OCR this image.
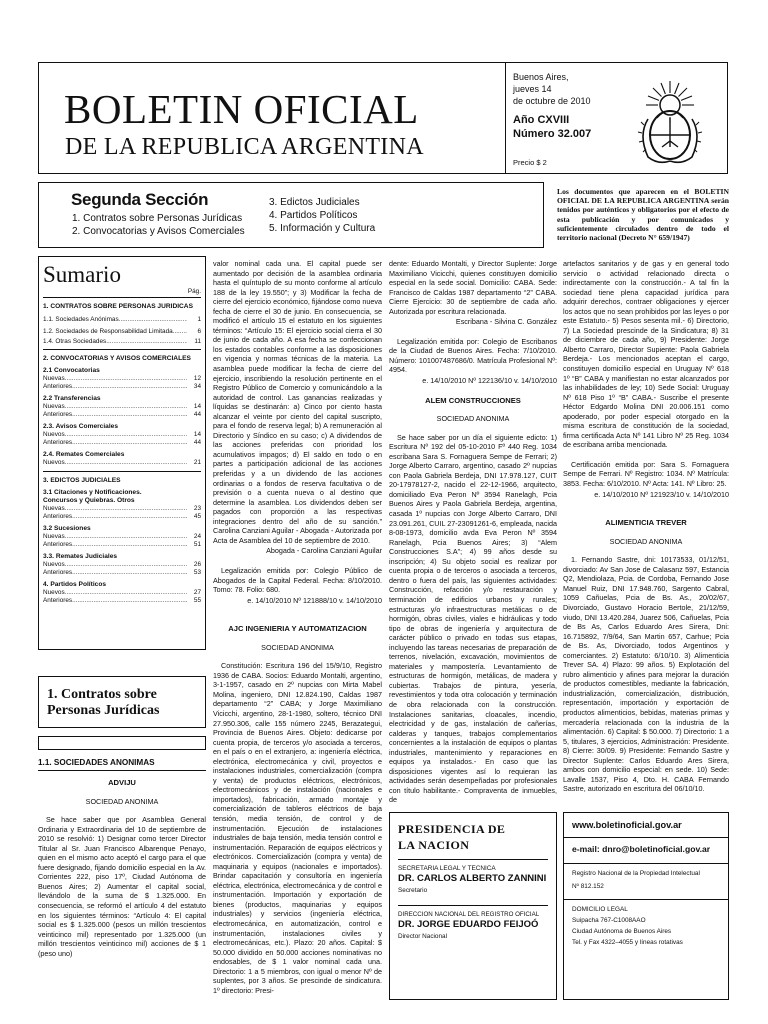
BOLETIN OFICIAL
DE LA REPUBLICA ARGENTINA
Buenos Aires,
jueves 14
de octubre de 2010
Año CXVIII
Número 32.007
Precio $ 2
Segunda Sección
1. Contratos sobre Personas Jurídicas
2. Convocatorias y Avisos Comerciales
3. Edictos Judiciales
4. Partidos Políticos
5. Información y Cultura
Los documentos que aparecen en el BOLETIN OFICIAL DE LA REPUBLICA ARGENTINA serán tenidos por auténticos y obligatorios por el efecto de esta publicación y por comunicados y suficientemente circulados dentro de todo el territorio nacional (Decreto N° 659/1947)
Sumario
Pág.
1. CONTRATOS SOBRE PERSONAS JURIDICAS
1.1. Sociedades Anónimas .....	1
1.2. Sociedades de Responsabilidad Limitada .....	6
1.4. Otras Sociedades .....	11
2. CONVOCATORIAS Y AVISOS COMERCIALES
2.1 Convocatorias
Nuevas .....	12
Anteriores .....	34
2.2 Transferencias
Nuevas .....	14
Anteriores .....	44
2.3. Avisos Comerciales
Nuevos .....	14
Anteriores .....	44
2.4. Remates Comerciales
Nuevos .....	21
3. EDICTOS JUDICIALES
3.1 Citaciones y Notificaciones. Concursos y Quiebras. Otros
Nuevas .....	23
Anteriores .....	45
3.2 Sucesiones
Nuevas .....	24
Anteriores .....	51
3.3. Remates Judiciales
Nuevos .....	26
Anteriores .....	53
4. Partidos Políticos
Nuevos .....	27
Anteriores .....	55
1. Contratos sobre Personas Jurídicas
1.1. SOCIEDADES ANONIMAS
ADVIJU
SOCIEDAD ANONIMA

Se hace saber que por Asamblea General Ordinaria y Extraordinaria del 10 de septiembre de 2010 se resolvió: 1) Designar como tercer Director Titular al Sr. Juan Francisco Albarenque Penayo, quien en el mismo acto aceptó el cargo para el que fuere designado, fijando domicilio especial en la Av. Corrientes 222, piso 17º, Ciudad Autónoma de Buenos Aires; 2) Aumentar el capital social, llevándolo de la suma de $ 1.325.000. En consecuencia, se reformó el artículo 4 del estatuto en los siguientes términos: “Artículo 4: El capital social es $ 1.325.000 (pesos un millón trescientos veinticinco mil) representado por 1.325.000 (un millón trescientos veinticinco mil) acciones de $ 1 (peso uno)

valor nominal cada una. El capital puede ser aumentado por decisión de la asamblea ordinaria hasta el quíntuplo de su monto conforme al artículo 188 de la ley 19.550”; y 3) Modificar la fecha de cierre del ejercicio económico, fijándose como nueva fecha de cierre el 30 de junio. En consecuencia, se modificó el artículo 15 el estatuto en los siguientes términos: “Artículo 15: El ejercicio social cierra el 30 de junio de cada año. A esa fecha se confeccionan los estados contables conforme a las disposiciones en vigencia y normas técnicas de la materia. La asamblea puede modificar la fecha de cierre del ejercicio, inscribiendo la resolución pertinente en el Registro Público de Comercio y comunicándolo a la autoridad de control. Las ganancias realizadas y líquidas se destinarán: a) Cinco por ciento hasta alcanzar el veinte por ciento del capital suscripto, para el fondo de reserva legal; b) A remuneración al Directorio y Síndico en su caso; c) A dividendos de las acciones preferidas con prioridad los acumulativos impagos; d) El saldo en todo o en partes a participación adicional de las acciones preferidas y a un dividendo de las acciones ordinarias o a fondos de reserva facultativa o de previsión o a cuenta nueva o al destino que determine la asamblea. Los dividendos deben ser pagados con proporción a las respectivas integraciones dentro del año de su sanción.” Carolina Canziani Aguilar - Abogada - Autorizada por Acta de Asamblea del 10 de septiembre de 2010.

Abogada - Carolina Canziani Aguilar

Legalización emitida por: Colegio Público de Abogados de la Capital Federal. Fecha: 8/10/2010. Tomo: 78. Folio: 680.

e. 14/10/2010 Nº 121888/10 v. 14/10/2010

AJC INGENIERIA Y AUTOMATIZACION
SOCIEDAD ANONIMA

Constitución: Escritura 196 del 15/9/10, Registro 1936 de CABA. Socios: Eduardo Montalti, argentino, 3-1-1957, casado en 2º nupcias con Mirta Mabel Molina, ingeniero, DNI 12.824.190, Caldas 1987 departamento “2” CABA; y Jorge Maximiliano Vicicchi, argentino, 28-1-1980, soltero, técnico DNI 27.950.306, calle 155 número 2245, Berazategui, Provincia de Buenos Aires. Objeto: dedicarse por cuenta propia, de terceros y/o asociada a terceros, en el país o en el extranjero, a: ingeniería eléctrica, electrónica, electromecánica y civil, proyectos e instalaciones industriales, comercialización (compra y venta) de productos eléctricos, electrónicos, electromecánicos y de instalación (nacionales e importados), fabricación, armado montaje y comercialización de tableros eléctricos de baja tensión, media tensión, de control y de instrumentación. Ejecución de instalaciones industriales de baja tensión, media tensión control e instrumentación. Reparación de equipos eléctricos y electrónicos. Comercialización (compra y venta) de maquinaria y equipos (nacionales e importados). Brindar capacitación y consultoría en ingeniería eléctrica, electrónica, electromecánica y de control e instrumentación. Importación y exportación de bienes (productos, maquinarias y equipos industriales) y servicios (ingeniería eléctrica, electromecánica, en automatización, control e instrumentación, instalaciones civiles y electromecánicas, etc.). Plazo: 20 años. Capital: $ 50.000 dividido en 50.000 acciones nominativas no endosables, de $ 1 valor nominal cada una. Directorio: 1 a 5 miembros, con igual o menor Nº de suplentes, por 3 años. Se prescinde de sindicatura. 1º directorio: Presi-

dente: Eduardo Montalti, y Director Suplente: Jorge Maximiliano Vicicchi, quienes constituyen domicilio especial en la sede social. Domicilio: CABA. Sede: Francisco de Caldas 1987 departamento “2” CABA. Cierre Ejercicio: 30 de septiembre de cada año. Autorizada por escritura relacionada.

Escribana - Silvina C. González

Legalización emitida por: Colegio de Escribanos de la Ciudad de Buenos Aires. Fecha: 7/10/2010. Número: 101007487686/0. Matrícula Profesional Nº: 4954.

e. 14/10/2010 Nº 122136/10 v. 14/10/2010

ALEM CONSTRUCCIONES
SOCIEDAD ANONIMA

Se hace saber por un día el siguiente edicto: 1) Escritura Nº 192 del 05-10-2010 Fº 440 Reg. 1034 escribana Sara S. Fornaguera Sempe de Ferrari; 2) Jorge Alberto Carraro, argentino, casado 2º nupcias con Paola Gabriela Berdeja, DNI 17.978.127, CUIT 20-17978127-2, nacido el 22-12-1966, arquitecto, domiciliado Eva Peron Nº 3594 Ranelagh, Pcia Buenos Aires y Paola Gabriela Berdeja, argentina, casada 1º nupcias con Jorge Alberto Carraro, DNI 23.091.261, CUIL 27-23091261-6, empleada, nacida 8-08-1973, domicilio avda Eva Peron Nº 3594 Ranelagh, Pcia Buenos Aires; 3) “Alem Construcciones S.A”; 4) 99 años desde su inscripción; 4) Su objeto social es realizar por cuenta propia o de terceros o asociada a terceros, dentro o fuera del país, las siguientes actividades: Construcción, refacción y/o restauración y terminación de edificios urbanos y rurales; estructuras y/o infraestructuras metálicas o de hormigón, obras civiles, viales e hidráulicas y todo tipo de obras de ingeniería y arquitectura de carácter público o privado en todas sus etapas, incluyendo las tareas necesarias de preparación de terrenos, nivelación, excavación, movimientos de materiales y mampostería. Levantamiento de estructuras de hormigón, metálicas, de madera y cubiertas. Trabajos de pintura, yesería, revestimientos y toda otra colocación y terminación de obra relacionada con la construcción. Instalaciones sanitarias, cloacales, incendio, electricidad y de gas, instalación de cañerías, calderas y tanques, trabajos complementarios concernientes a la instalación de equipos o plantas industriales, mantenimiento y reparaciones en equipos ya instalados.- En caso que las disposiciones vigentes así lo requieran las actividades serán desempeñadas por profesionales con título habilitante.- Compraventa de inmuebles, de

artefactos sanitarios y de gas y en general todo servicio o actividad relacionado directa o indirectamente con la construcción.- A tal fin la sociedad tiene plena capacidad jurídica para adquirir derechos, contraer obligaciones y ejercer los actos que no sean prohibidos por las leyes o por este Estatuto.- 5) Pesos sesenta mil.- 6) Directorio, 7) La Sociedad prescinde de la Sindicatura; 8) 31 de diciembre de cada año, 9) Presidente: Jorge Alberto Carraro, Director Supiente: Paola Gabriela Berdeja.- Los mencionados aceptan el cargo, constituyen domicilio especial en Uruguay Nº 618 1º “B” CABA y manifiestan no estar alcanzados por las inhabilidades de ley; 10) Sede Social: Uruguay Nº 618 Piso 1º “B” CABA.- Suscribe el presente Héctor Edgardo Molina DNI 20.006.151 como apoderado, por poder especial otorgado en la misma escritura de constitución de la sociedad, firma certificada Acta Nº 141 Libro Nº 25 Reg. 1034 de escribana arriba mencionada.

Certificación emitida por: Sara S. Fornaguera Sempe de Ferrari. Nº Registro: 1034. Nº Matrícula: 3853. Fecha: 6/10/2010. Nº Acta: 141. Nº Libro: 25.

e. 14/10/2010 Nº 121923/10 v. 14/10/2010

ALIMENTICIA TREVER
SOCIEDAD ANONIMA

1. Fernando Sastre, dni: 10173533, 01/12/51, divorciado: Av San Jose de Calasanz 597, Estancia Q2, Mendiolaza, Pcia. de Cordoba, Fernando Jose Manuel Ruiz, DNI 17.948.760, Sargento Cabral, 1059 Cañuelas, Pcia de Bs. As., 20/02/67, Divorciado, Gustavo Horacio Bertole, 21/12/59, viudo, DNI 13.420.284, Juarez 506, Cañuelas, Pcia de Bs As, Carlos Eduardo Ares Sirera, Dni: 16.715892, 7/9/64, San Martin 657, Carhue; Pcia de Bs. As, Divorciado, todos Argentinos y comerciantes. 2) Estatuto: 6/10/10. 3) Alimenticia Trever SA. 4) Plazo: 99 años. 5) Explotación del rubro alimenticio y afines para mejorar la duración de productos comestibles, mediante la fabricación, industrialización, comercialización, distribución, representación, importación y exportación de productos alimenticios, bebidas, materias primas y mercadería relacionada con la industria de la alimentación. 6) Capital: $ 50.000. 7) Directorio: 1 a 5, titulares, 3 ejercicios, Administración: Presidente. 8) Cierre: 30/09. 9) Presidente: Fernando Sastre y Director Suplente: Carlos Eduardo Ares Sirera, ambos con domicilio especial: en sede. 10) Sede: Lavalle 1537, Piso 4, Dto. H. CABA Fernando Sastre, autorizado en escritura del 06/10/10.

PRESIDENCIA DE LA NACION
SECRETARIA LEGAL Y TECNICA
DR. CARLOS ALBERTO ZANNINI
Secretario
DIRECCION NACIONAL DEL REGISTRO OFICIAL
DR. JORGE EDUARDO FEIJOÓ
Director Nacional
www.boletinoficial.gov.ar
e-mail: dnro@boletinoficial.gov.ar
Registro Nacional de la Propiedad Intelectual
Nº 812.152
DOMICILIO LEGAL
Suipacha 767-C1008AAO
Ciudad Autónoma de Buenos Aires
Tel. y Fax 4322–4055 y líneas rotativas
